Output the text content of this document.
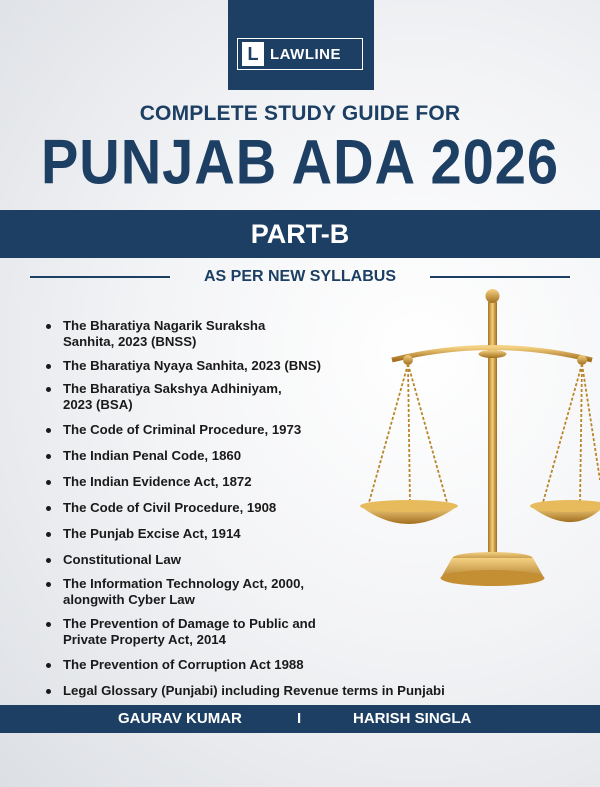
L LAWLINE
COMPLETE STUDY GUIDE FOR
PUNJAB ADA 2026
PART-B
AS PER NEW SYLLABUS
The Bharatiya Nagarik Suraksha Sanhita, 2023 (BNSS)
The Bharatiya Nyaya Sanhita, 2023 (BNS)
The Bharatiya Sakshya Adhiniyam, 2023 (BSA)
The Code of Criminal Procedure, 1973
The Indian Penal Code, 1860
The Indian Evidence Act, 1872
The Code of Civil Procedure, 1908
The Punjab Excise Act, 1914
Constitutional Law
The Information Technology Act, 2000, alongwith Cyber Law
The Prevention of Damage to Public and Private Property Act, 2014
The Prevention of Corruption Act 1988
Legal Glossary (Punjabi) including Revenue terms in Punjabi
GAURAV KUMAR	I	HARISH SINGLA
